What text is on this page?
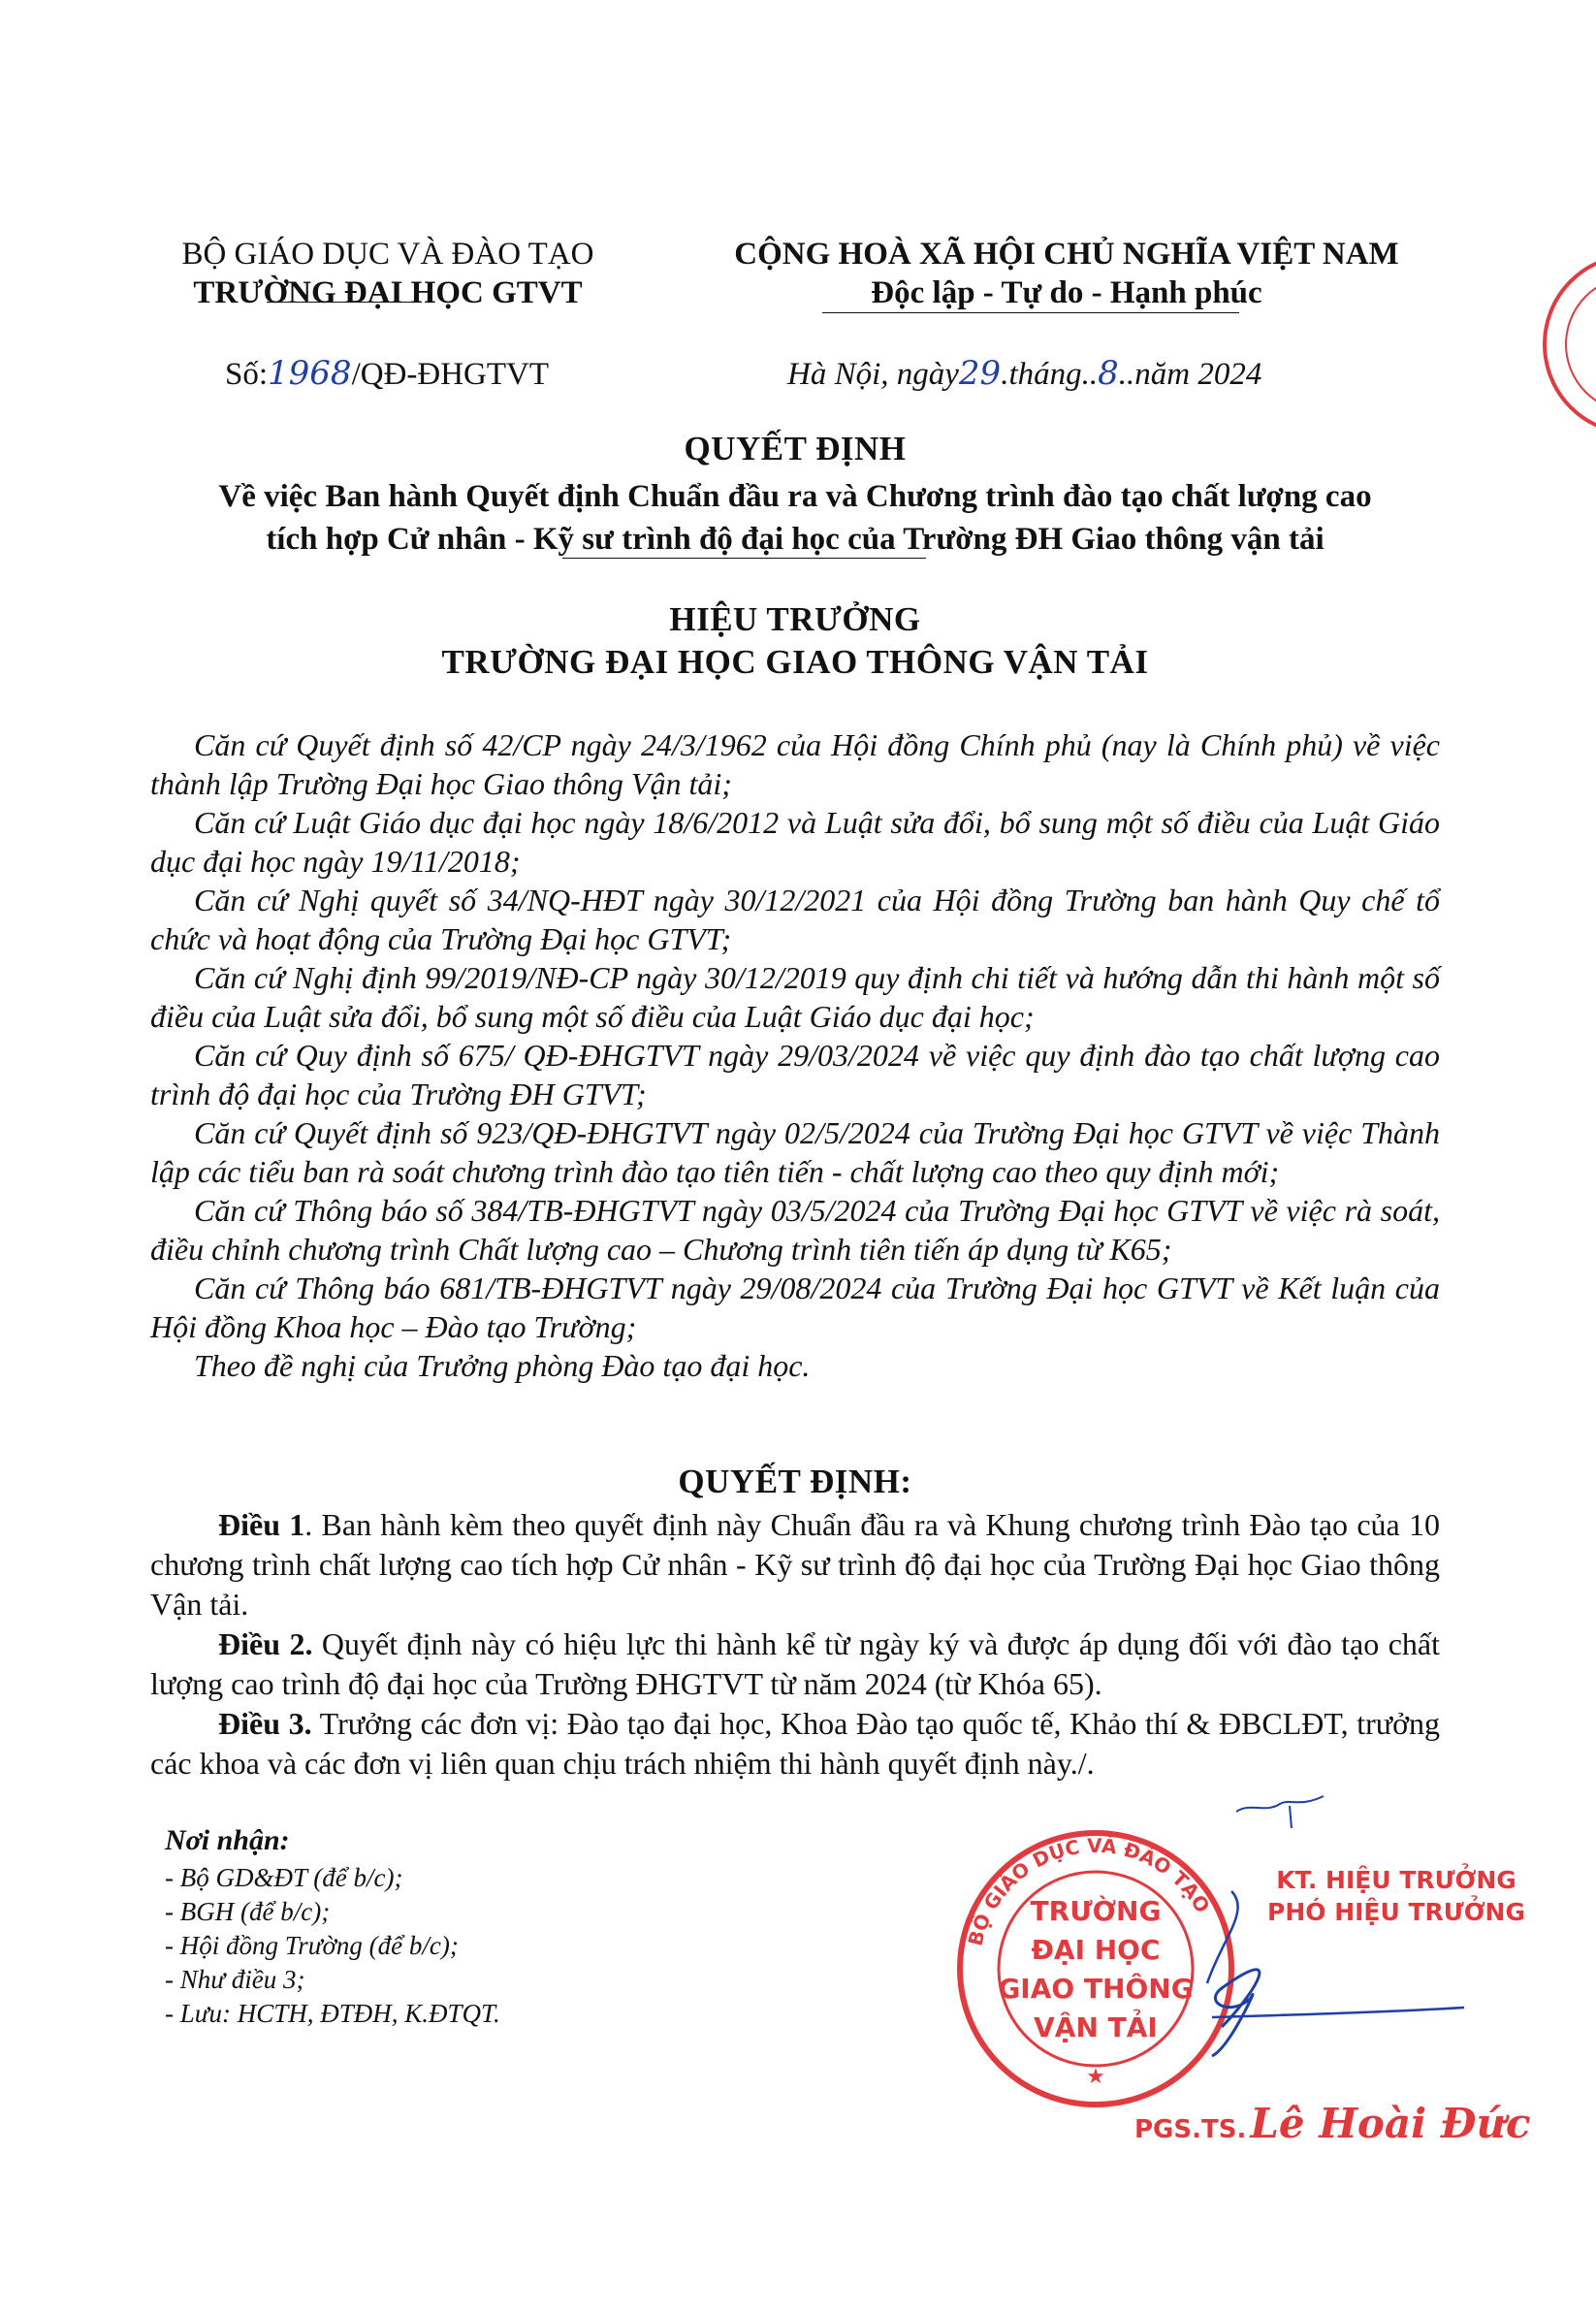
BỘ GIÁO DỤC VÀ ĐÀO TẠO
TRƯỜNG ĐẠI HỌC GTVT
CỘNG HOÀ XÃ HỘI CHỦ NGHĨA VIỆT NAM
Độc lập - Tự do - Hạnh phúc
Số:1968/QĐ-ĐHGTVT	Hà Nội, ngày29.tháng..8..năm 2024
QUYẾT ĐỊNH
Về việc Ban hành Quyết định Chuẩn đầu ra và Chương trình đào tạo chất lượng cao
tích hợp Cử nhân - Kỹ sư trình độ đại học của Trường ĐH Giao thông vận tải
HIỆU TRƯỞNG
TRƯỜNG ĐẠI HỌC GIAO THÔNG VẬN TẢI

Căn cứ Quyết định số 42/CP ngày 24/3/1962 của Hội đồng Chính phủ (nay là Chính phủ) về việc thành lập Trường Đại học Giao thông Vận tải;

Căn cứ Luật Giáo dục đại học ngày 18/6/2012 và Luật sửa đổi, bổ sung một số điều của Luật Giáo dục đại học ngày 19/11/2018;

Căn cứ Nghị quyết số 34/NQ-HĐT ngày 30/12/2021 của Hội đồng Trường ban hành Quy chế tổ chức và hoạt động của Trường Đại học GTVT;

Căn cứ Nghị định 99/2019/NĐ-CP ngày 30/12/2019 quy định chi tiết và hướng dẫn thi hành một số điều của Luật sửa đổi, bổ sung một số điều của Luật Giáo dục đại học;

Căn cứ Quy định số 675/ QĐ-ĐHGTVT ngày 29/03/2024 về việc quy định đào tạo chất lượng cao trình độ đại học của Trường ĐH GTVT;

Căn cứ Quyết định số 923/QĐ-ĐHGTVT ngày 02/5/2024 của Trường Đại học GTVT về việc Thành lập các tiểu ban rà soát chương trình đào tạo tiên tiến - chất lượng cao theo quy định mới;

Căn cứ Thông báo số 384/TB-ĐHGTVT ngày 03/5/2024 của Trường Đại học GTVT về việc rà soát, điều chỉnh chương trình Chất lượng cao – Chương trình tiên tiến áp dụng từ K65;

Căn cứ Thông báo 681/TB-ĐHGTVT ngày 29/08/2024 của Trường Đại học GTVT về Kết luận của Hội đồng Khoa học – Đào tạo Trường;

Theo đề nghị của Trưởng phòng Đào tạo đại học.

QUYẾT ĐỊNH:

Điều 1. Ban hành kèm theo quyết định này Chuẩn đầu ra và Khung chương trình Đào tạo của 10 chương trình chất lượng cao tích hợp Cử nhân - Kỹ sư trình độ đại học của Trường Đại học Giao thông Vận tải.

Điều 2. Quyết định này có hiệu lực thi hành kể từ ngày ký và được áp dụng đối với đào tạo chất lượng cao trình độ đại học của Trường ĐHGTVT từ năm 2024 (từ Khóa 65).

Điều 3. Trưởng các đơn vị: Đào tạo đại học, Khoa Đào tạo quốc tế, Khảo thí & ĐBCLĐT, trưởng các khoa và các đơn vị liên quan chịu trách nhiệm thi hành quyết định này./.

Nơi nhận:
- Bộ GD&ĐT (để b/c);
- BGH (để b/c);
- Hội đồng Trường (để b/c);
- Như điều 3;
- Lưu: HCTH, ĐTĐH, K.ĐTQT.
KT. HIỆU TRƯỞNG
PHÓ HIỆU TRƯỞNG
BỘ GIÁO DỤC VÀ ĐÀO TẠO
TRƯỜNG
ĐẠI HỌC
GIAO THÔNG
VẬN TẢI
★
PGS.TS. Lê Hoài Đức
